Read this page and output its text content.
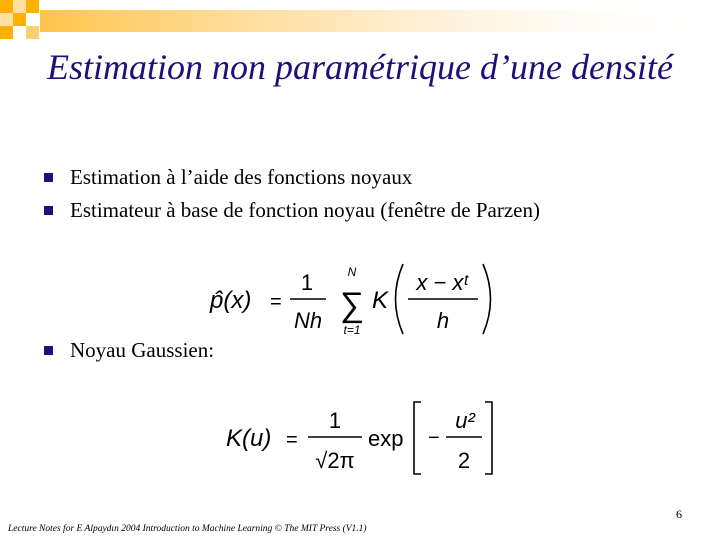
Estimation non paramétrique d’une densité
Estimation à l’aide des fonctions noyaux
Estimateur à base de fonction noyau (fenêtre de Parzen)
Noyau Gaussien:
p̂(x) =
1
Nh
N
∑
t=1
K
x − xᵗ
h
K(u) =
1
√2π
exp −
u²
2
6
Lecture Notes for E Alpaydın 2004 Introduction to Machine Learning © The MIT Press (V1.1)
